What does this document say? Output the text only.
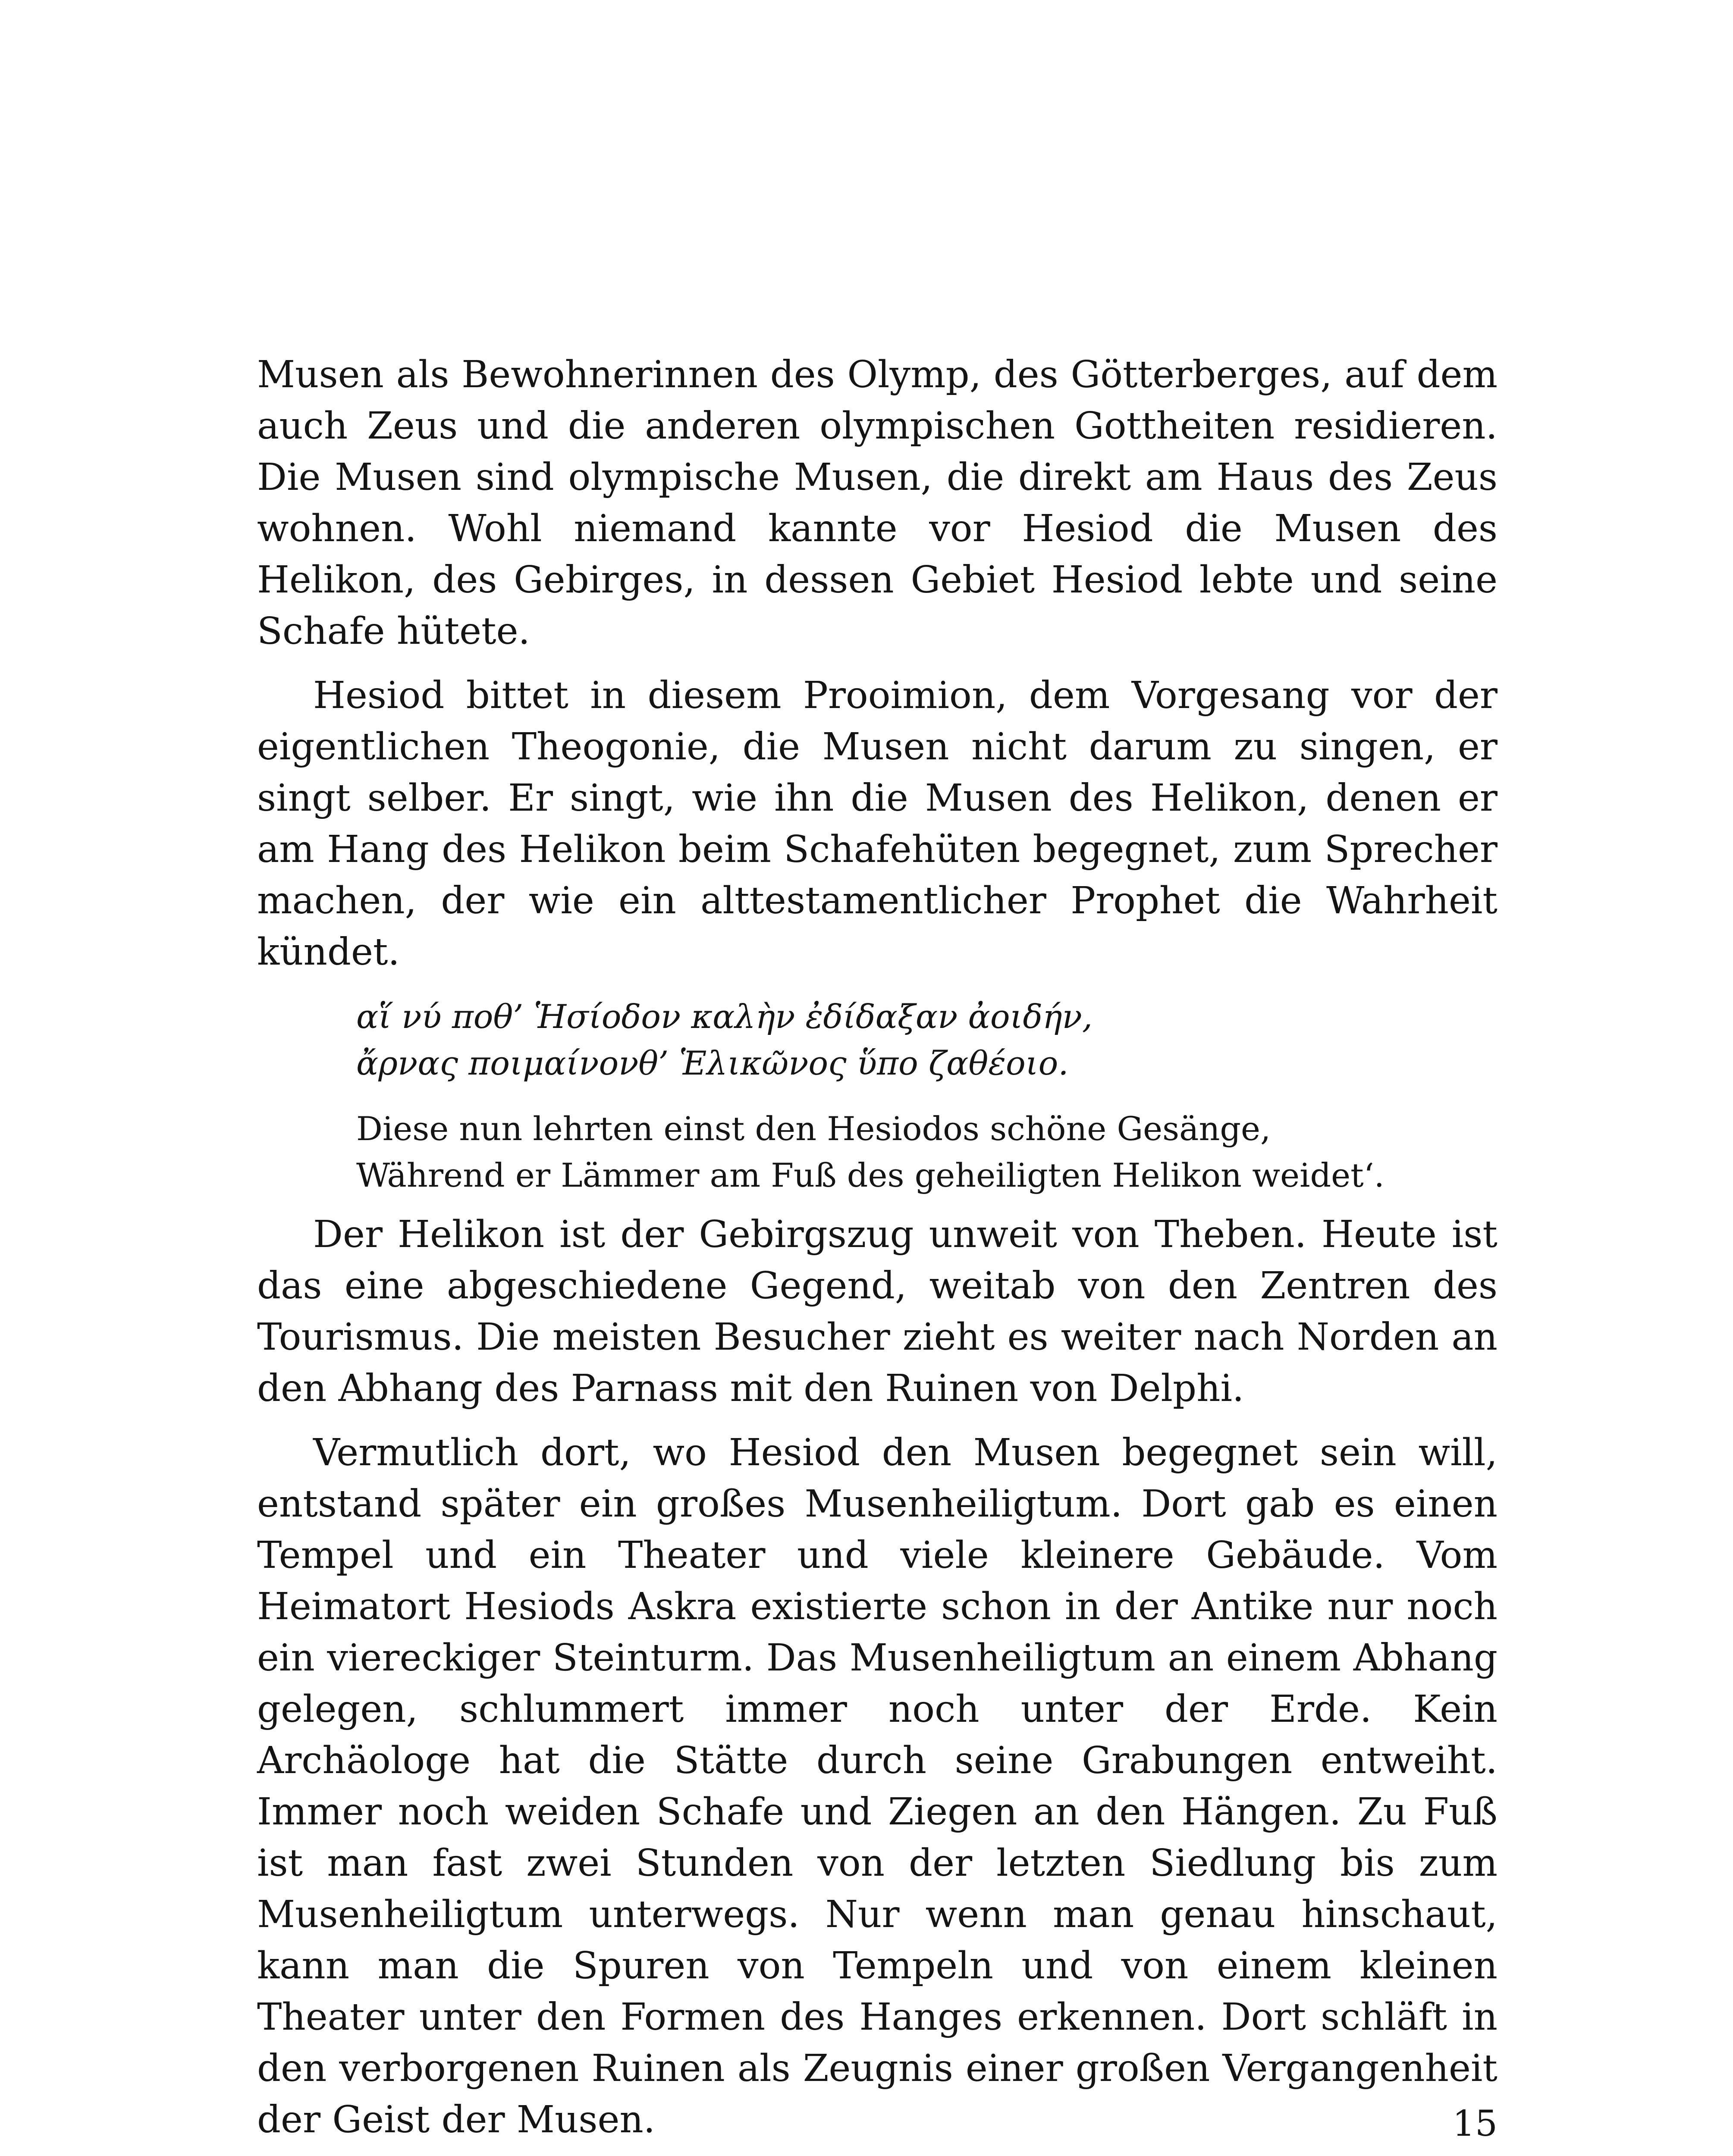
Musen als Bewohnerinnen des Olymp, des Götterberges, auf dem auch Zeus und die anderen olympischen Gottheiten residieren. Die Musen sind olympische Musen, die direkt am Haus des Zeus wohnen. Wohl niemand kannte vor Hesiod die Musen des Helikon, des Gebirges, in dessen Gebiet Hesiod lebte und seine Schafe hütete.

Hesiod bittet in diesem Prooimion, dem Vorgesang vor der eigentlichen Theogonie, die Musen nicht darum zu singen, er singt selber. Er singt, wie ihn die Musen des Helikon, denen er am Hang des Helikon beim Schafehüten begegnet, zum Sprecher machen, der wie ein alttestamentlicher Prophet die Wahrheit kündet.

αἵ νύ ποθ’ Ἡσίοδον καλὴν ἐδίδαξαν ἀοιδήν,
ἄρνας ποιμαίνονθ’ Ἑλικῶνος ὕπο ζαθέοιο.
Diese nun lehrten einst den Hesiodos schöne Gesänge,
Während er Lämmer am Fuß des geheiligten Helikon weidet‘.

Der Helikon ist der Gebirgszug unweit von Theben. Heute ist das eine abgeschiedene Gegend, weitab von den Zentren des Tourismus. Die meisten Besucher zieht es weiter nach Norden an den Abhang des Parnass mit den Ruinen von Delphi.

Vermutlich dort, wo Hesiod den Musen begegnet sein will, entstand später ein großes Musenheiligtum. Dort gab es einen Tempel und ein Theater und viele kleinere Gebäude. Vom Heimatort Hesiods Askra existierte schon in der Antike nur noch ein viereckiger Steinturm. Das Musenheiligtum an einem Abhang gelegen, schlummert immer noch unter der Erde. Kein Archäologe hat die Stätte durch seine Grabungen entweiht. Immer noch weiden Schafe und Ziegen an den Hängen. Zu Fuß ist man fast zwei Stunden von der letzten Siedlung bis zum Musenheiligtum unterwegs. Nur wenn man genau hinschaut, kann man die Spuren von Tempeln und von einem kleinen Theater unter den Formen des Hanges erkennen. Dort schläft in den verborgenen Ruinen als Zeugnis einer großen Vergangenheit der Geist der Musen.	15
